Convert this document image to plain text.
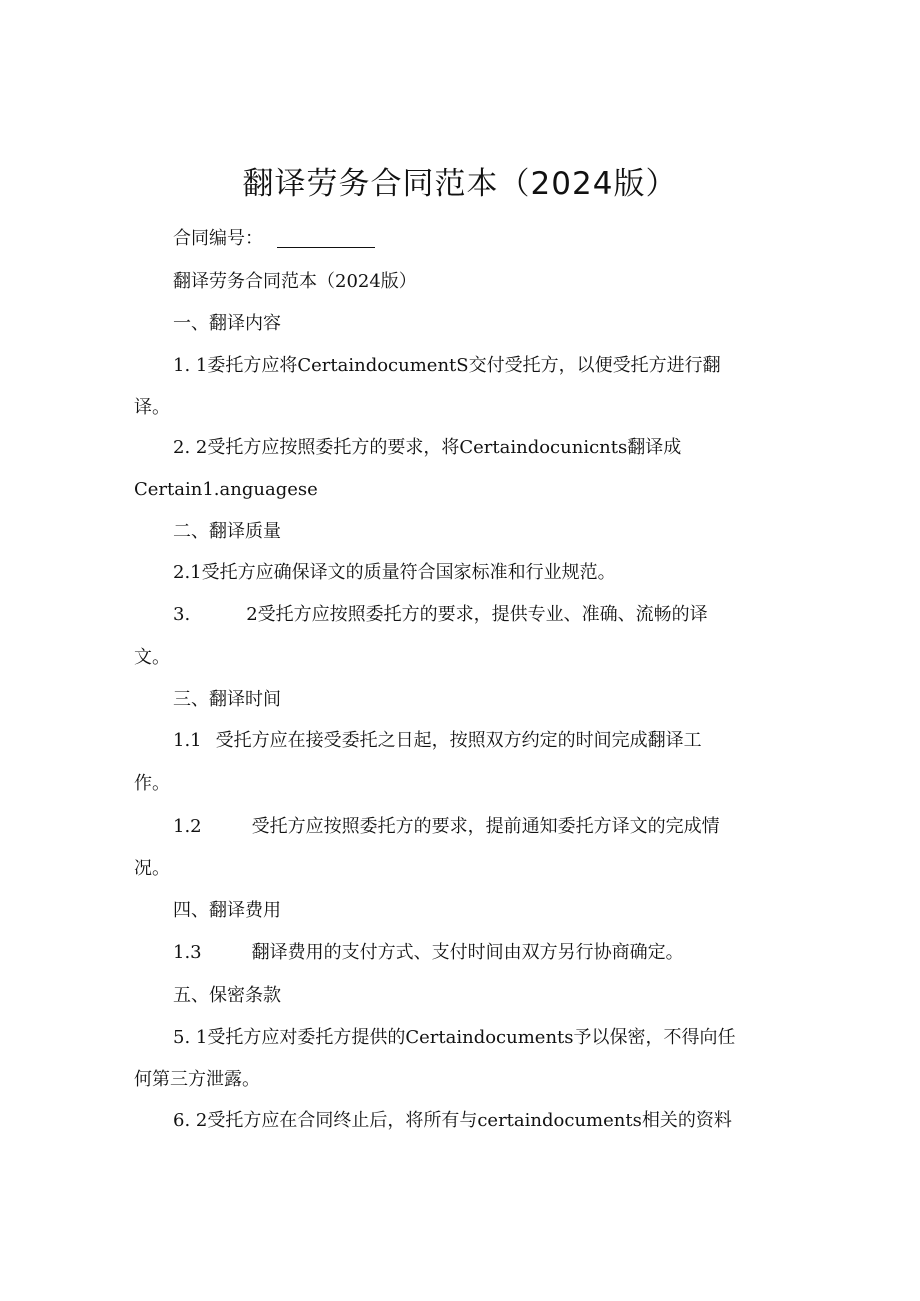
翻译劳务合同范本（2024版）
合同编号：
翻译劳务合同范本（2024版）
一、翻译内容
1. 1委托方应将CertaindocumentS交付受托方，以便受托方进行翻
译。
2. 2受托方应按照委托方的要求，将Certaindocunicnts翻译成
Certain1.anguagese
二、翻译质量
2.1受托方应确保译文的质量符合国家标准和行业规范。
3.	2受托方应按照委托方的要求，提供专业、准确、流畅的译
文。
三、翻译时间
1.1 受托方应在接受委托之日起，按照双方约定的时间完成翻译工
作。
1.2	受托方应按照委托方的要求，提前通知委托方译文的完成情
况。
四、翻译费用
1.3	翻译费用的支付方式、支付时间由双方另行协商确定。
五、保密条款
5. 1受托方应对委托方提供的Certaindocuments予以保密，不得向任
何第三方泄露。
6. 2受托方应在合同终止后，将所有与certaindocuments相关的资料
